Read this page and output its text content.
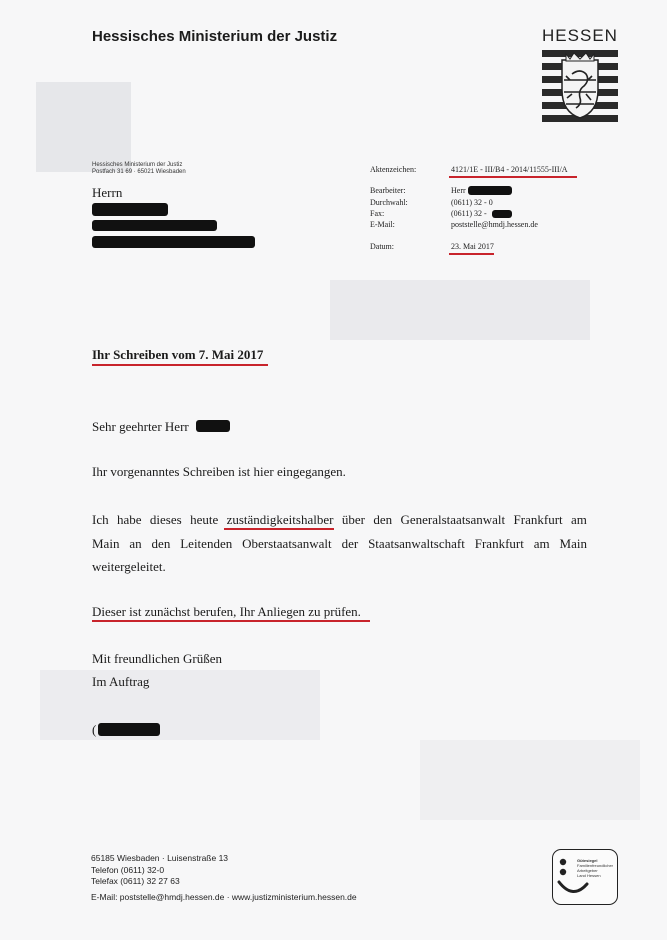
Hessisches Ministerium der Justiz	HESSEN
Hessisches Ministerium der Justiz
Postfach 31 69 · 65021 Wiesbaden
Herrn
Aktenzeichen:	4121/1E - III/B4 - 2014/11555-III/A
Bearbeiter:	Herr
Durchwahl:	(0611) 32 - 0
Fax:	(0611) 32 -
E-Mail:	poststelle@hmdj.hessen.de
Datum:	23. Mai 2017
Ihr Schreiben vom 7. Mai 2017
Sehr geehrter Herr
Ihr vorgenanntes Schreiben ist hier eingegangen.
Ich habe dieses heute zuständigkeitshalber über den Generalstaatsanwalt Frankfurt am
Main an den Leitenden Oberstaatsanwalt der Staatsanwaltschaft Frankfurt am Main
weitergeleitet.
Dieser ist zunächst berufen, Ihr Anliegen zu prüfen.
Mit freundlichen Grüßen
Im Auftrag
(
65185 Wiesbaden · Luisenstraße 13
Telefon (0611) 32-0
Telefax (0611) 32 27 63
E-Mail: poststelle@hmdj.hessen.de · www.justizministerium.hessen.de
Gütesiegel
Familienfreundlicher
Arbeitgeber
Land Hessen
